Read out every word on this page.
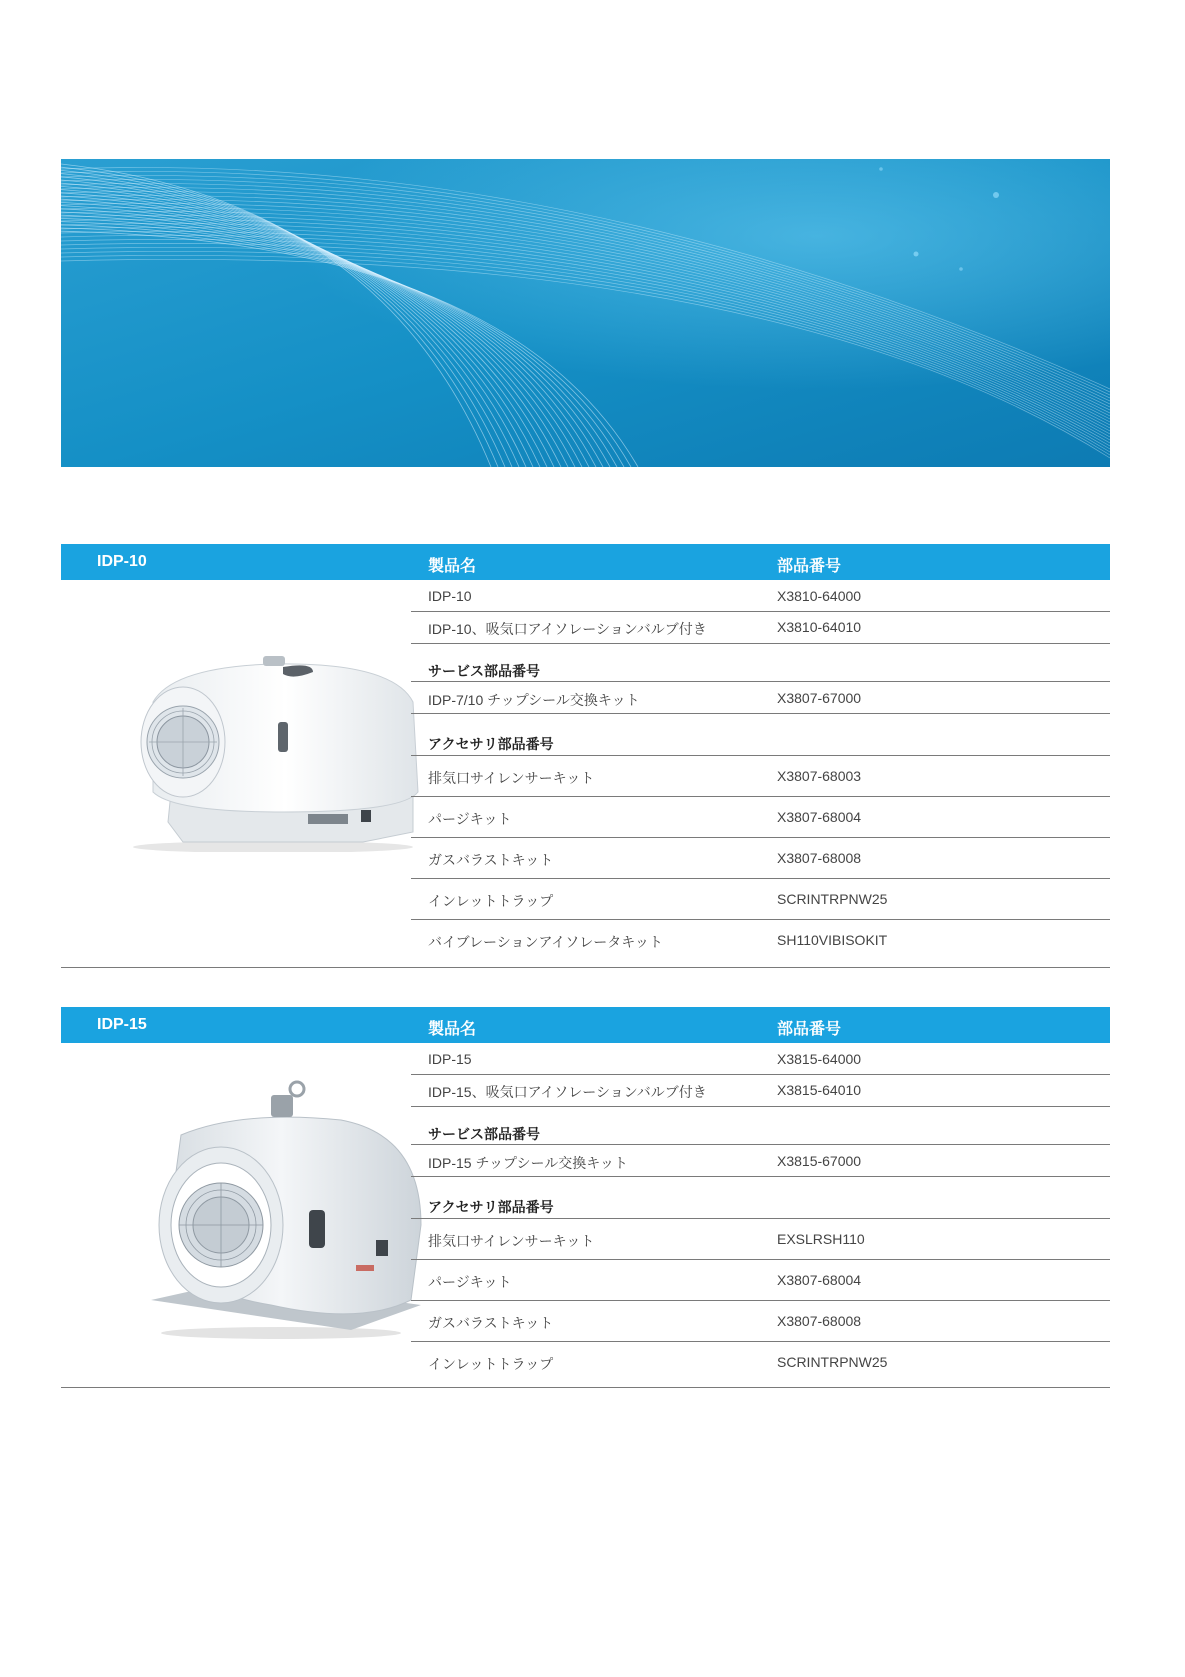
IDP-10	製品名	部品番号
IDP-10	X3810-64000
IDP-10、吸気口アイソレーションバルブ付き	X3810-64010
サービス部品番号
IDP-7/10 チップシール交換キット	X3807-67000
アクセサリ部品番号
排気口サイレンサーキット	X3807-68003
パージキット	X3807-68004
ガスバラストキット	X3807-68008
インレットトラップ	SCRINTRPNW25
バイブレーションアイソレータキット	SH110VIBISOKIT
IDP-15	製品名	部品番号
IDP-15	X3815-64000
IDP-15、吸気口アイソレーションバルブ付き	X3815-64010
サービス部品番号
IDP-15 チップシール交換キット	X3815-67000
アクセサリ部品番号
排気口サイレンサーキット	EXSLRSH110
パージキット	X3807-68004
ガスバラストキット	X3807-68008
インレットトラップ	SCRINTRPNW25
